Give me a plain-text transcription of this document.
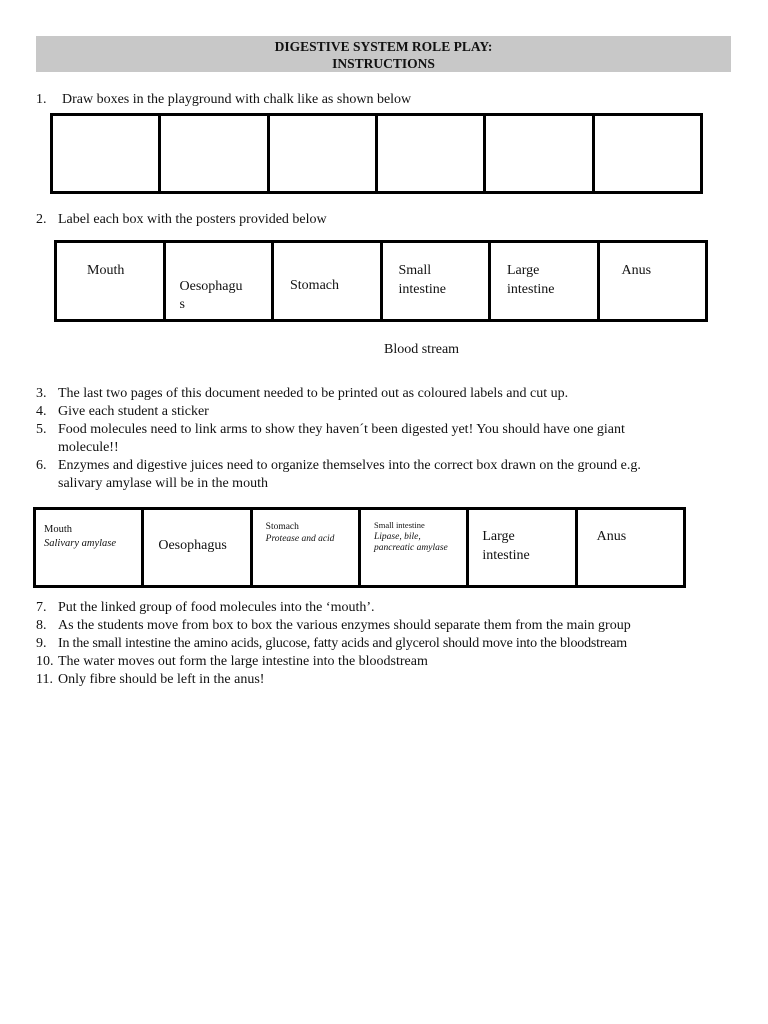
DIGESTIVE SYSTEM ROLE PLAY:
INSTRUCTIONS
1. Draw boxes in the playground with chalk like as shown below
2. Label each box with the posters provided below
Mouth
Oesophagu
s
Stomach
Small
intestine
Large
intestine
Anus
Blood stream
3. The last two pages of this document needed to be printed out as coloured labels and cut up.
4. Give each student a sticker
5. Food molecules need to link arms to show they haven´t been digested yet! You should have one giant
molecule!!
6. Enzymes and digestive juices need to organize themselves into the correct box drawn on the ground e.g.
salivary amylase will be in the mouth
Mouth
Salivary amylase	Oesophagus
Stomach
Protease and acid
Small intestine
Lipase, bile,
pancreatic amylase
Large
intestine
Anus
7. Put the linked group of food molecules into the ‘mouth’.
8. As the students move from box to box the various enzymes should separate them from the main group
9. In the small intestine the amino acids, glucose, fatty acids and glycerol should move into the bloodstream
10. The water moves out form the large intestine into the bloodstream
11. Only fibre should be left in the anus!
